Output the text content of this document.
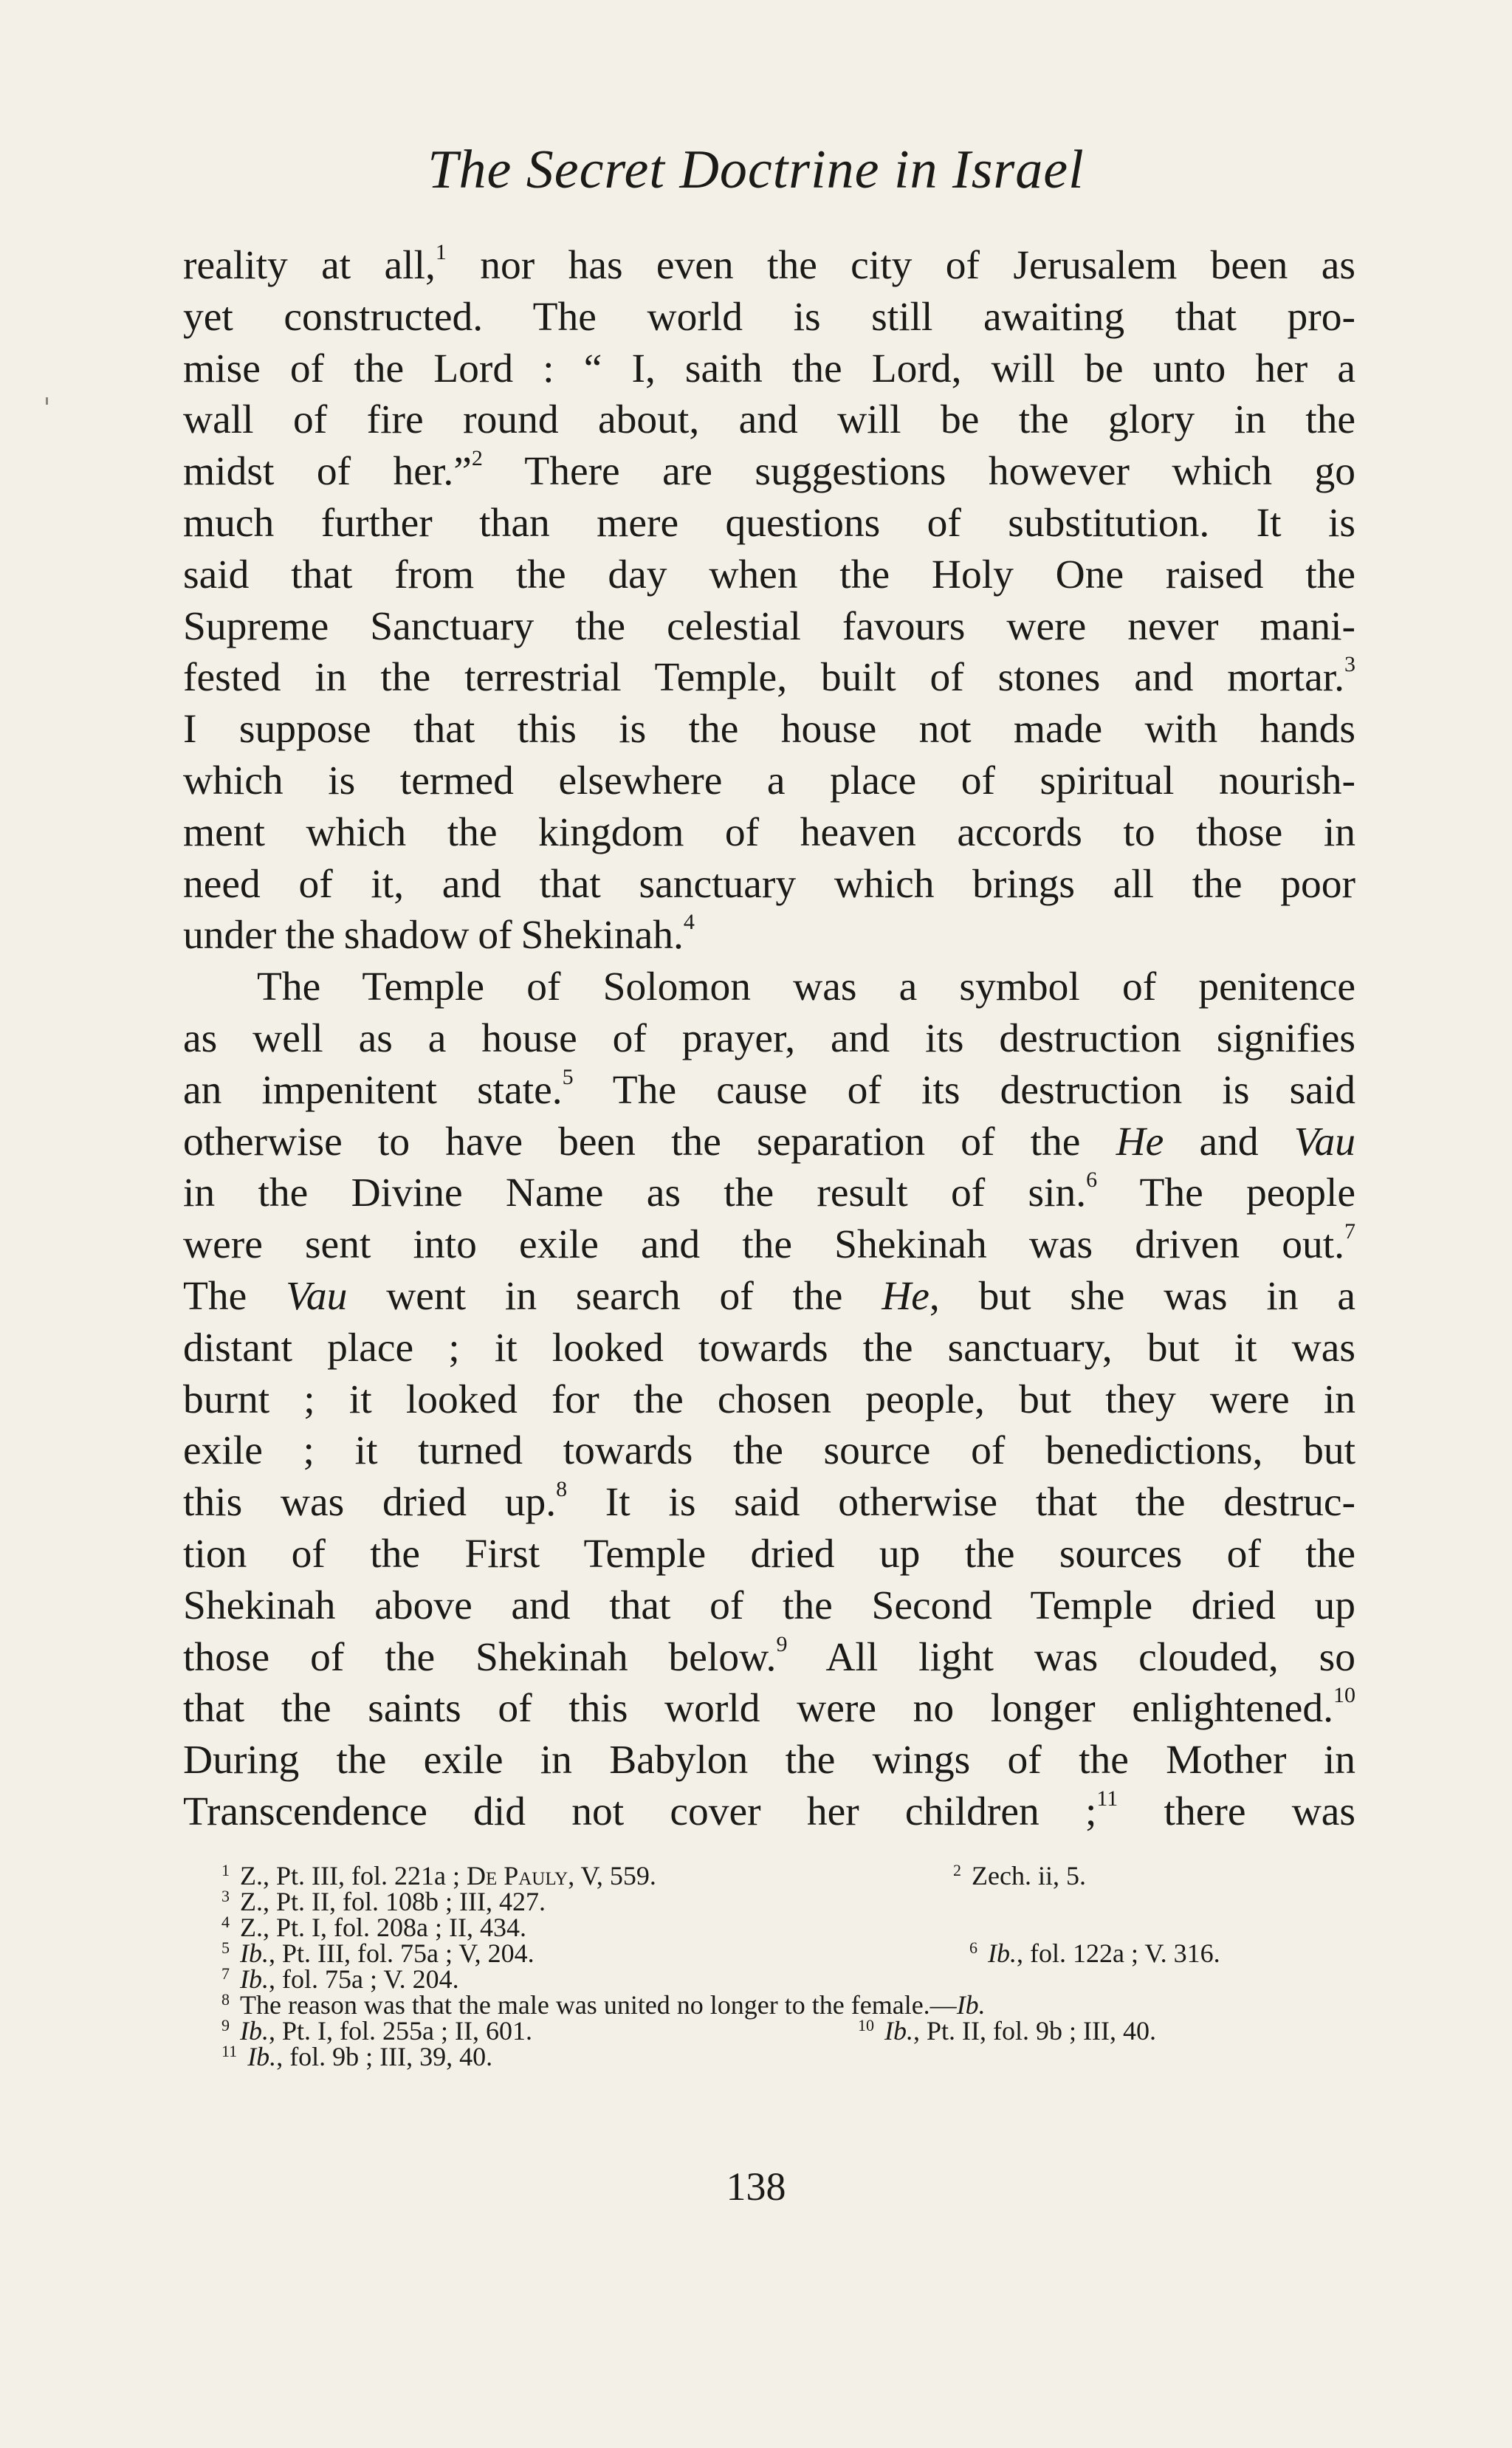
The Secret Doctrine in Israel
reality at all,$^1$ nor has even the city of Jerusalem been as
yet constructed. The world is still awaiting that pro-
mise of the Lord : “ I, saith the Lord, will be unto her a
wall of fire round about, and will be the glory in the
midst of her.”$^2$ There are suggestions however which go
much further than mere questions of substitution. It is
said that from the day when the Holy One raised the
Supreme Sanctuary the celestial favours were never mani-
fested in the terrestrial Temple, built of stones and mortar.$^3$
I suppose that this is the house not made with hands
which is termed elsewhere a place of spiritual nourish-
ment which the kingdom of heaven accords to those in
need of it, and that sanctuary which brings all the poor
under the shadow of Shekinah.$^4$
The Temple of Solomon was a symbol of penitence
as well as a house of prayer, and its destruction signifies
an impenitent state.$^5$ The cause of its destruction is said
otherwise to have been the separation of the He and Vau
in the Divine Name as the result of sin.$^6$ The people
were sent into exile and the Shekinah was driven out.$^7$
The Vau went in search of the He, but she was in a
distant place ; it looked towards the sanctuary, but it was
burnt ; it looked for the chosen people, but they were in
exile ; it turned towards the source of benedictions, but
this was dried up.$^8$ It is said otherwise that the destruc-
tion of the First Temple dried up the sources of the
Shekinah above and that of the Second Temple dried up
those of the Shekinah below.$^9$ All light was clouded, so
that the saints of this world were no longer enlightened.$^{10}$
During the exile in Babylon the wings of the Mother in
Transcendence did not cover her children ;$^{11}$ there was
$^1$ Z., Pt. III, fol. 221a ; De Pauly, V, 559.	$^2$ Zech. ii, 5.
$^3$ Z., Pt. II, fol. 108b ; III, 427.
$^4$ Z., Pt. I, fol. 208a ; II, 434.
$^5$ Ib., Pt. III, fol. 75a ; V, 204.	$^6$ Ib., fol. 122a ; V. 316.
$^7$ Ib., fol. 75a ; V. 204.
$^8$ The reason was that the male was united no longer to the female.—Ib.
$^9$ Ib., Pt. I, fol. 255a ; II, 601.	$^{10}$ Ib., Pt. II, fol. 9b ; III, 40.
$^{11}$ Ib., fol. 9b ; III, 39, 40.
138
